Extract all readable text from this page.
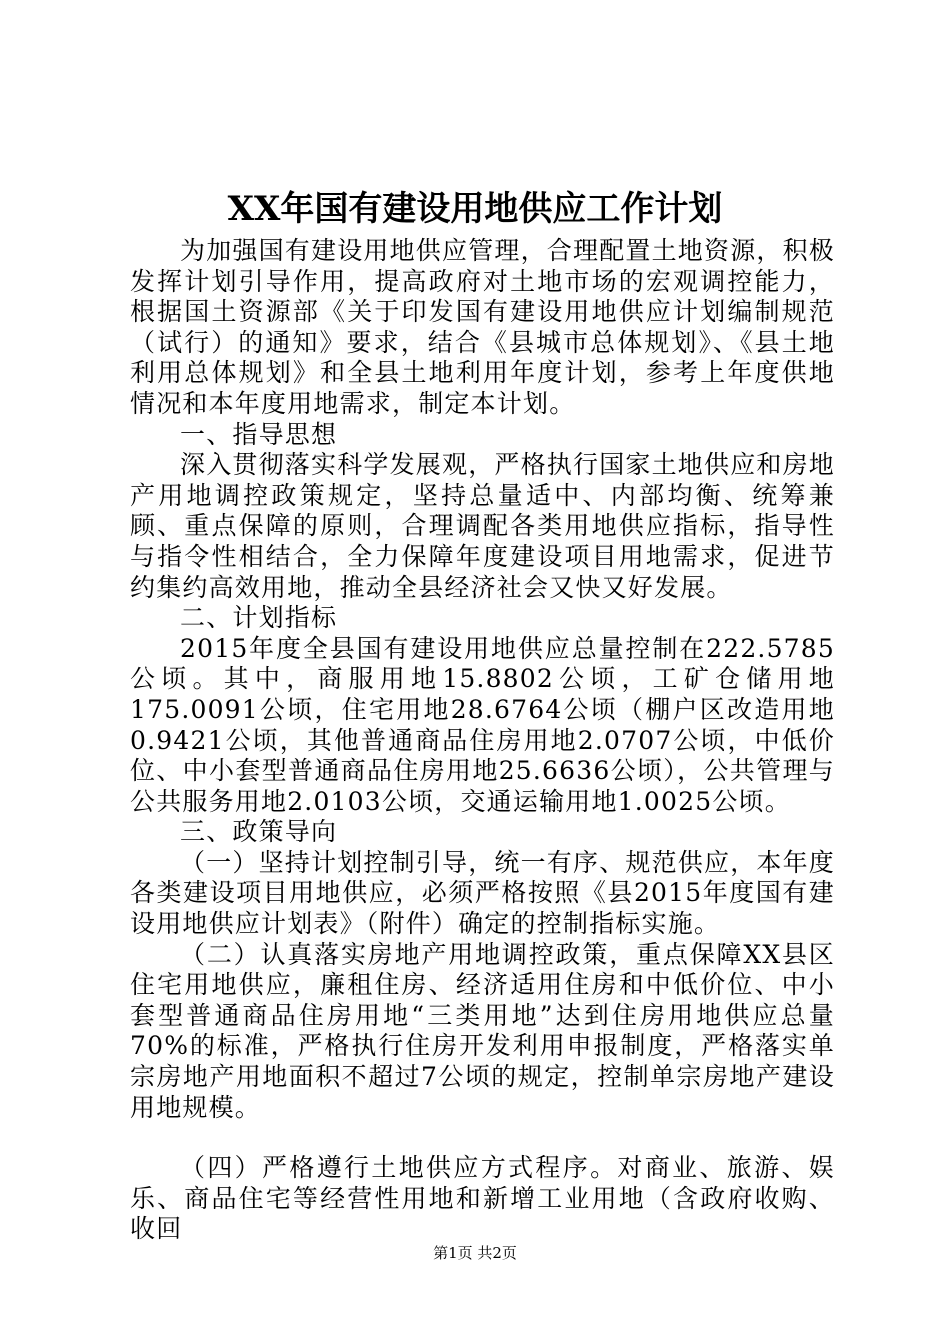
XX年国有建设用地供应工作计划

为加强国有建设用地供应管理，合理配置土地资源，积极发挥计划引导作用，提高政府对土地市场的宏观调控能力，根据国土资源部《关于印发国有建设用地供应计划编制规范（试行）的通知》要求，结合《县城市总体规划》、《县土地利用总体规划》和全县土地利用年度计划，参考上年度供地情况和本年度用地需求，制定本计划。

一、指导思想

深入贯彻落实科学发展观，严格执行国家土地供应和房地产用地调控政策规定，坚持总量适中、内部均衡、统筹兼顾、重点保障的原则，合理调配各类用地供应指标，指导性与指令性相结合，全力保障年度建设项目用地需求，促进节约集约高效用地，推动全县经济社会又快又好发展。

二、计划指标

2015年度全县国有建设用地供应总量控制在222.5785公顷。其中，商服用地15.8802公顷，工矿仓储用地175.0091公顷，住宅用地28.6764公顷（棚户区改造用地0.9421公顷，其他普通商品住房用地2.0707公顷，中低价位、中小套型普通商品住房用地25.6636公顷），公共管理与公共服务用地2.0103公顷，交通运输用地1.0025公顷。

三、政策导向

（一）坚持计划控制引导，统一有序、规范供应，本年度各类建设项目用地供应，必须严格按照《县2015年度国有建设用地供应计划表》（附件）确定的控制指标实施。

（二）认真落实房地产用地调控政策，重点保障XX县区住宅用地供应，廉租住房、经济适用住房和中低价位、中小套型普通商品住房用地“三类用地”达到住房用地供应总量70%的标准，严格执行住房开发利用申报制度，严格落实单宗房地产用地面积不超过7公顷的规定，控制单宗房地产建设用地规模。

（四）严格遵行土地供应方式程序。对商业、旅游、娱乐、商品住宅等经营性用地和新增工业用地（含政府收购、收回

第1页 共2页
